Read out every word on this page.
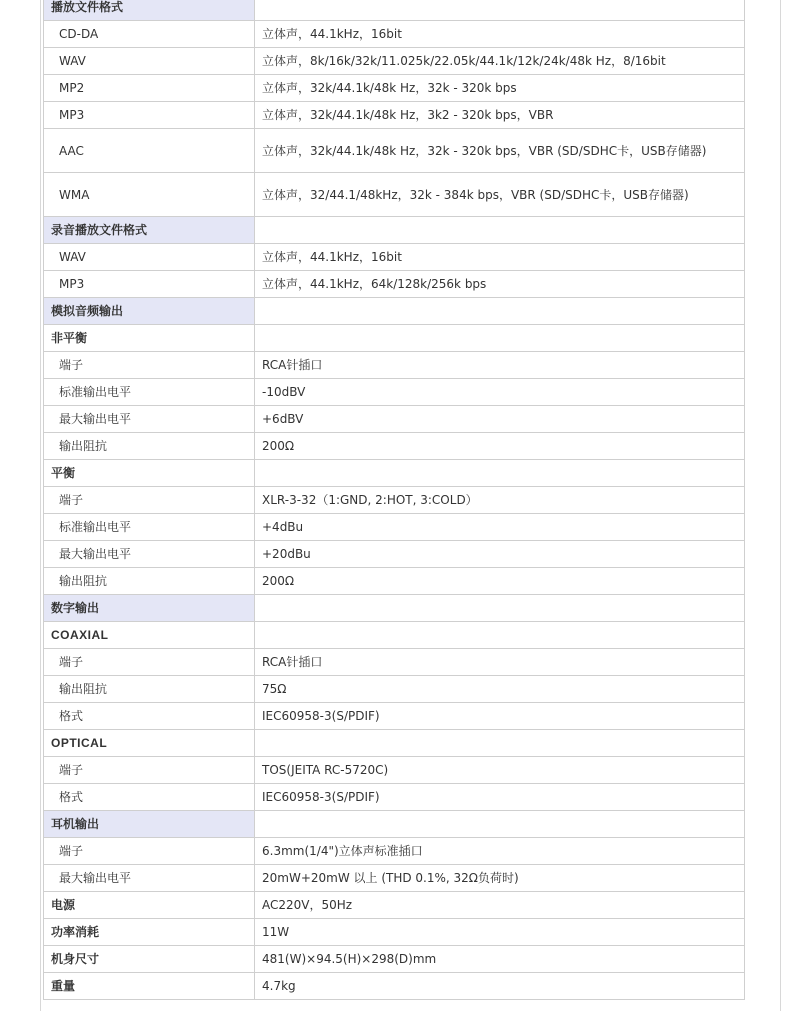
播放文件格式	
CD-DA	立体声，44.1kHz，16bit
WAV	立体声，8k/16k/32k/11.025k/22.05k/44.1k/12k/24k/48k Hz，8/16bit
MP2	立体声，32k/44.1k/48k Hz，32k - 320k bps
MP3	立体声，32k/44.1k/48k Hz，3k2 - 320k bps，VBR
AAC	立体声，32k/44.1k/48k Hz，32k - 320k bps，VBR (SD/SDHC卡，USB存储器)
WMA	立体声，32/44.1/48kHz，32k - 384k bps，VBR (SD/SDHC卡，USB存储器)
录音播放文件格式	
WAV	立体声，44.1kHz，16bit
MP3	立体声，44.1kHz，64k/128k/256k bps
模拟音频输出	
非平衡	
端子	RCA针插口
标准输出电平	-10dBV
最大输出电平	+6dBV
输出阻抗	200Ω
平衡	
端子	XLR-3-32（1:GND, 2:HOT, 3:COLD）
标准输出电平	+4dBu
最大输出电平	+20dBu
输出阻抗	200Ω
数字输出	
COAXIAL	
端子	RCA针插口
输出阻抗	75Ω
格式	IEC60958-3(S/PDIF)
OPTICAL	
端子	TOS(JEITA RC-5720C)
格式	IEC60958-3(S/PDIF)
耳机输出	
端子	6.3mm(1/4")立体声标准插口
最大输出电平	20mW+20mW 以上 (THD 0.1%, 32Ω负荷时)
电源	AC220V，50Hz
功率消耗	11W
机身尺寸	481(W)×94.5(H)×298(D)mm
重量	4.7kg
